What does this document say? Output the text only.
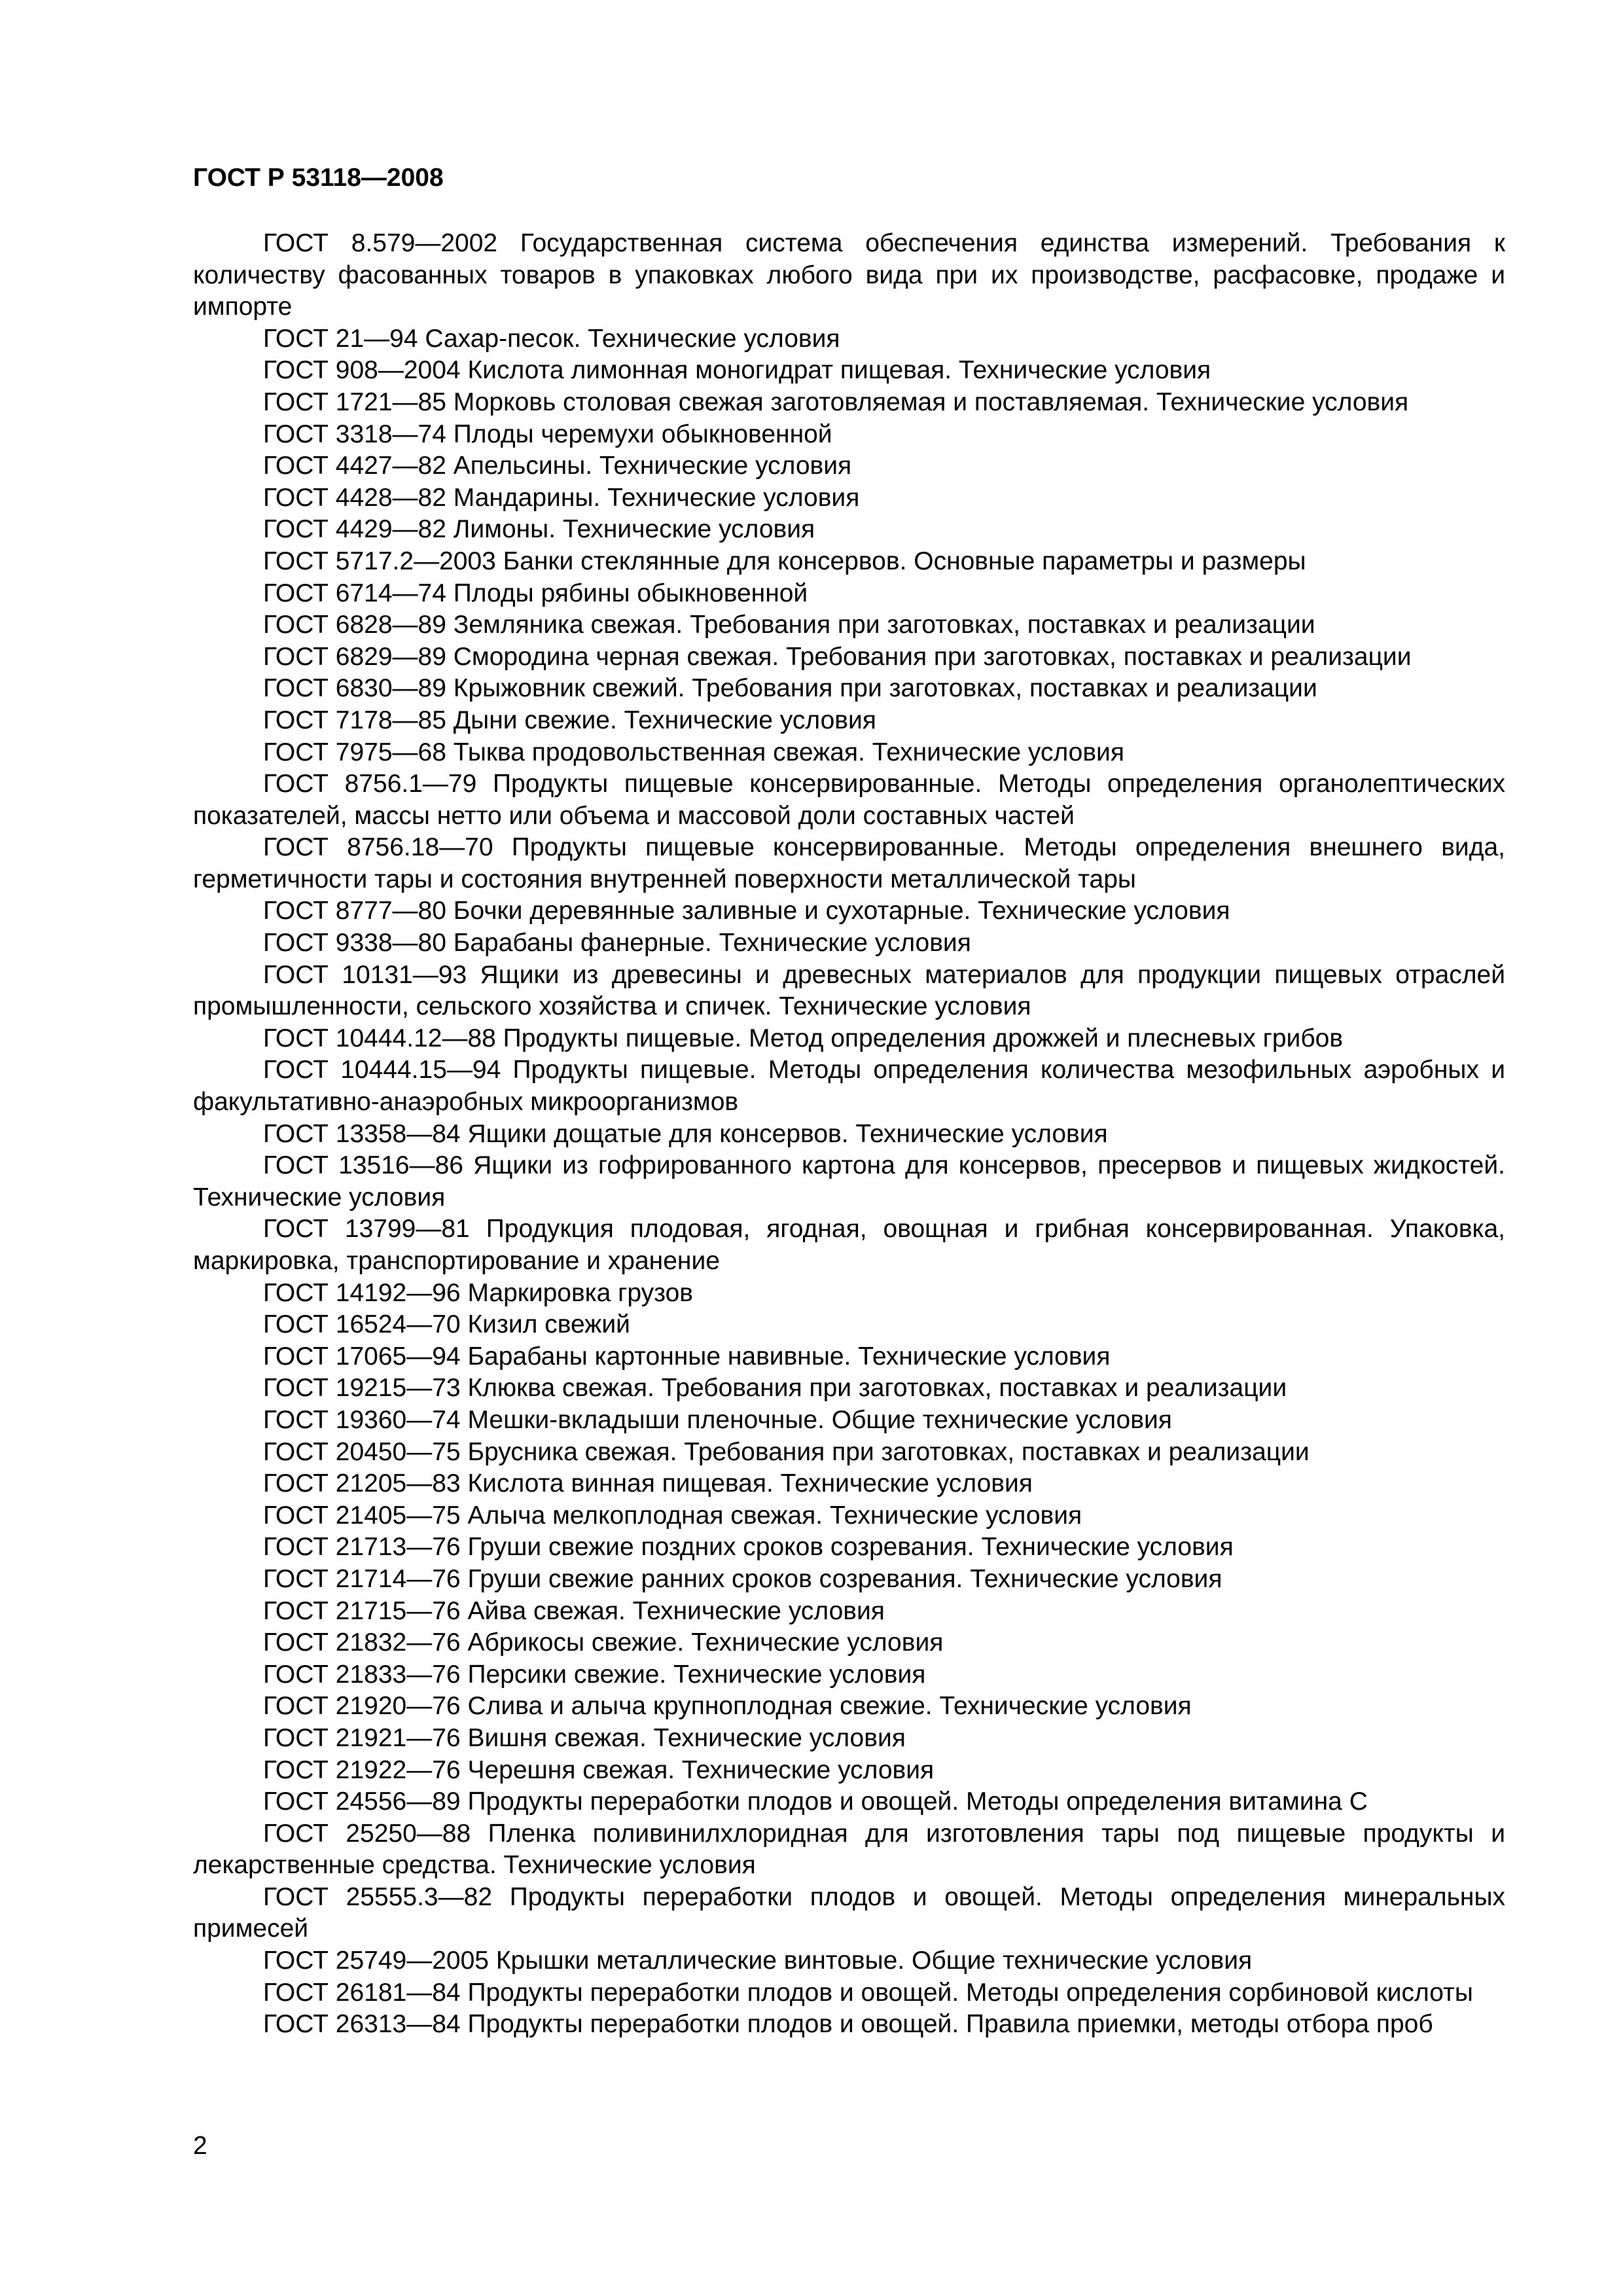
ГОСТ Р 53118—2008
ГОСТ 8.579—2002 Государственная система обеспечения единства измерений. Требования к количеству фасованных товаров в упаковках любого вида при их производстве, расфасовке, продаже и импорте
ГОСТ 21—94 Сахар-песок. Технические условия
ГОСТ 908—2004 Кислота лимонная моногидрат пищевая. Технические условия
ГОСТ 1721—85 Морковь столовая свежая заготовляемая и поставляемая. Технические условия
ГОСТ 3318—74 Плоды черемухи обыкновенной
ГОСТ 4427—82 Апельсины. Технические условия
ГОСТ 4428—82 Мандарины. Технические условия
ГОСТ 4429—82 Лимоны. Технические условия
ГОСТ 5717.2—2003 Банки стеклянные для консервов. Основные параметры и размеры
ГОСТ 6714—74 Плоды рябины обыкновенной
ГОСТ 6828—89 Земляника свежая. Требования при заготовках, поставках и реализации
ГОСТ 6829—89 Смородина черная свежая. Требования при заготовках, поставках и реализации
ГОСТ 6830—89 Крыжовник свежий. Требования при заготовках, поставках и реализации
ГОСТ 7178—85 Дыни свежие. Технические условия
ГОСТ 7975—68 Тыква продовольственная свежая. Технические условия
ГОСТ 8756.1—79 Продукты пищевые консервированные. Методы определения органолептических показателей, массы нетто или объема и массовой доли составных частей
ГОСТ 8756.18—70 Продукты пищевые консервированные. Методы определения внешнего вида, герметичности тары и состояния внутренней поверхности металлической тары
ГОСТ 8777—80 Бочки деревянные заливные и сухотарные. Технические условия
ГОСТ 9338—80 Барабаны фанерные. Технические условия
ГОСТ 10131—93 Ящики из древесины и древесных материалов для продукции пищевых отраслей промышленности, сельского хозяйства и спичек. Технические условия
ГОСТ 10444.12—88 Продукты пищевые. Метод определения дрожжей и плесневых грибов
ГОСТ 10444.15—94 Продукты пищевые. Методы определения количества мезофильных аэробных и факультативно-анаэробных микроорганизмов
ГОСТ 13358—84 Ящики дощатые для консервов. Технические условия
ГОСТ 13516—86 Ящики из гофрированного картона для консервов, пресервов и пищевых жидкостей. Технические условия
ГОСТ 13799—81 Продукция плодовая, ягодная, овощная и грибная консервированная. Упаковка, маркировка, транспортирование и хранение
ГОСТ 14192—96 Маркировка грузов
ГОСТ 16524—70 Кизил свежий
ГОСТ 17065—94 Барабаны картонные навивные. Технические условия
ГОСТ 19215—73 Клюква свежая. Требования при заготовках, поставках и реализации
ГОСТ 19360—74 Мешки-вкладыши пленочные. Общие технические условия
ГОСТ 20450—75 Брусника свежая. Требования при заготовках, поставках и реализации
ГОСТ 21205—83 Кислота винная пищевая. Технические условия
ГОСТ 21405—75 Алыча мелкоплодная свежая. Технические условия
ГОСТ 21713—76 Груши свежие поздних сроков созревания. Технические условия
ГОСТ 21714—76 Груши свежие ранних сроков созревания. Технические условия
ГОСТ 21715—76 Айва свежая. Технические условия
ГОСТ 21832—76 Абрикосы свежие. Технические условия
ГОСТ 21833—76 Персики свежие. Технические условия
ГОСТ 21920—76 Слива и алыча крупноплодная свежие. Технические условия
ГОСТ 21921—76 Вишня свежая. Технические условия
ГОСТ 21922—76 Черешня свежая. Технические условия
ГОСТ 24556—89 Продукты переработки плодов и овощей. Методы определения витамина С
ГОСТ 25250—88 Пленка поливинилхлоридная для изготовления тары под пищевые продукты и лекарственные средства. Технические условия
ГОСТ 25555.3—82 Продукты переработки плодов и овощей. Методы определения минеральных примесей
ГОСТ 25749—2005 Крышки металлические винтовые. Общие технические условия
ГОСТ 26181—84 Продукты переработки плодов и овощей. Методы определения сорбиновой кислоты
ГОСТ 26313—84 Продукты переработки плодов и овощей. Правила приемки, методы отбора проб
2
